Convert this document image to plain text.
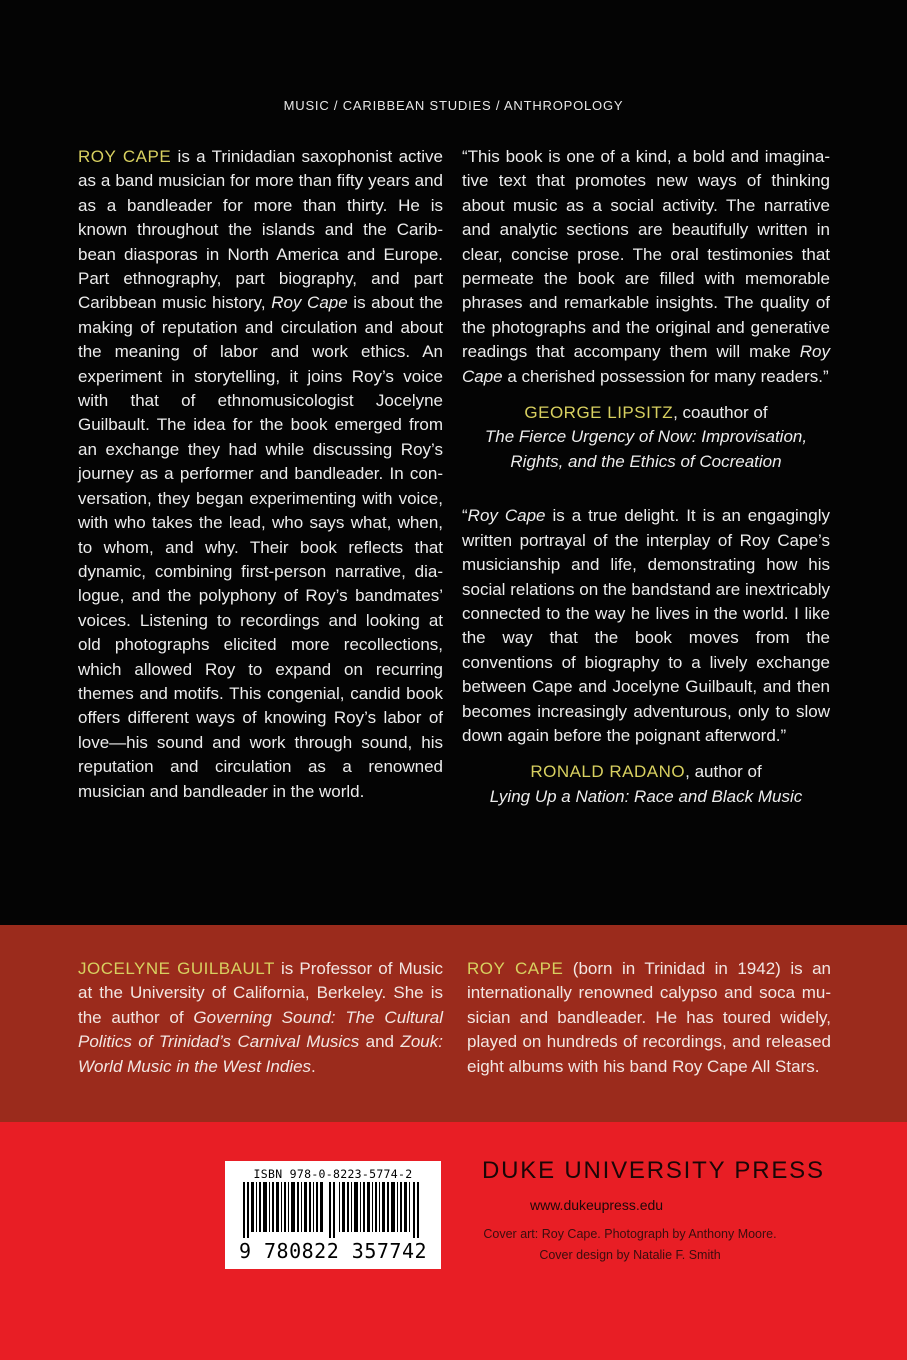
MUSIC / CARIBBEAN STUDIES / ANTHROPOLOGY
ROY CAPE is a Trinidadian saxophonist active as a band musician for more than fifty years and as a bandleader for more than thirty. He is known throughout the islands and the Caribbean diasporas in North America and Europe. Part ethnography, part biography, and part Caribbean music history, Roy Cape is about the making of reputation and circulation and about the meaning of labor and work ethics. An experiment in storytelling, it joins Roy’s voice with that of ethnomusicologist Jocelyne Guilbault. The idea for the book emerged from an exchange they had while discussing Roy’s journey as a performer and bandleader. In conversation, they began experimenting with voice, with who takes the lead, who says what, when, to whom, and why. Their book reflects that dynamic, combining first-person narrative, dialogue, and the polyphony of Roy’s bandmates’ voices. Listening to recordings and looking at old photographs elicited more recollections, which allowed Roy to expand on recurring themes and motifs. This congenial, candid book offers different ways of knowing Roy’s labor of love—his sound and work through sound, his reputation and circulation as a renowned musician and bandleader in the world.
“This book is one of a kind, a bold and imaginative text that promotes new ways of thinking about music as a social activity. The narrative and analytic sections are beautifully written in clear, concise prose. The oral testimonies that permeate the book are filled with memorable phrases and remarkable insights. The quality of the photographs and the original and generative readings that accompany them will make Roy Cape a cherished possession for many readers.”
GEORGE LIPSITZ, coauthor of
The Fierce Urgency of Now: Improvisation,
Rights, and the Ethics of Cocreation
“Roy Cape is a true delight. It is an engagingly written portrayal of the interplay of Roy Cape’s musicianship and life, demonstrating how his social relations on the bandstand are inextricably connected to the way he lives in the world. I like the way that the book moves from the conventions of biography to a lively exchange between Cape and Jocelyne Guilbault, and then becomes increasingly adventurous, only to slow down again before the poignant afterword.”
RONALD RADANO, author of
Lying Up a Nation: Race and Black Music
JOCELYNE GUILBAULT is Professor of Music at the University of California, Berkeley. She is the author of Governing Sound: The Cultural Politics of Trinidad’s Carnival Musics and Zouk: World Music in the West Indies.
ROY CAPE (born in Trinidad in 1942) is an internationally renowned calypso and soca musician and bandleader. He has toured widely, played on hundreds of recordings, and released eight albums with his band Roy Cape All Stars.
ISBN 978-0-8223-5774-2
9 780822 357742
DUKE UNIVERSITY PRESS
www.dukeupress.edu
Cover art: Roy Cape. Photograph by Anthony Moore.
Cover design by Natalie F. Smith
